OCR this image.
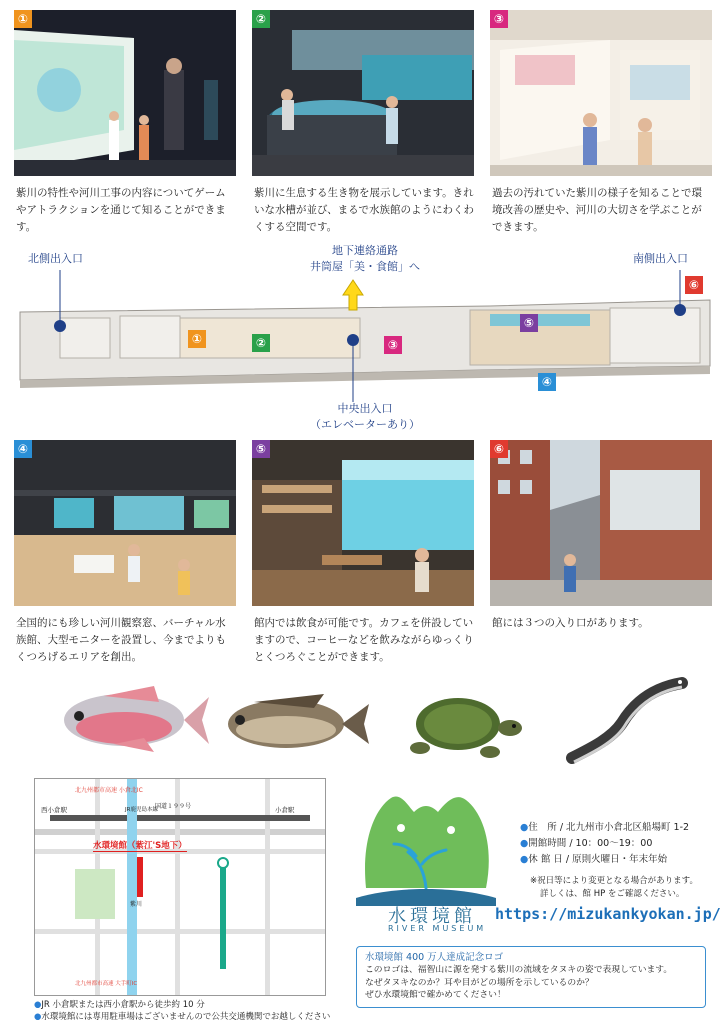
①
紫川の特性や河川工事の内容についてゲームやアトラクションを通じて知ることができます。
②
紫川に生息する生き物を展示しています。きれいな水槽が並び、まるで水族館のようにわくわくする空間です。
③
過去の汚れていた紫川の様子を知ることで環境改善の歴史や、河川の大切さを学ぶことができます。
北側出入口	南側出入口
地下連絡通路
井筒屋「美・食館」へ
中央出入口
（エレベーターあり）
①	②	③
④
⑤
⑥
④
全国的にも珍しい河川観察窓、バーチャル水族館、大型モニターを設置し、今までよりもくつろげるエリアを創出。
⑤
館内では飲食が可能です。カフェを併設していますので、コーヒーなどを飲みながらゆっくりとくつろぐことができます。
⑥
館には３つの入り口があります。
北九州都市高速 小倉北IC
国道１９９号
西小倉駅	小倉駅
JR鹿児島本線
水環境館（紫江'S地下）
紫川
北九州都市高速 大手町IC
●JR 小倉駅または西小倉駅から徒歩約 10 分
●水環境館には専用駐車場はございませんので公共交通機関でお越しください
水環境館
RIVER MUSEUM
●住　所 / 北九州市小倉北区船場町 1-2
●開館時間 / 10：00～19：00
●休 館 日 / 原則火曜日・年末年始
※祝日等により変更となる場合があります。
詳しくは、館 HP をご確認ください。
https://mizukankyokan.jp/
水環境館 400 万人達成記念ロゴ
このロゴは、福智山に源を発する紫川の流域をタヌキの姿で表現しています。
なぜタヌキなのか？耳や目がどの場所を示しているのか？
ぜひ水環境館で確かめてください！
